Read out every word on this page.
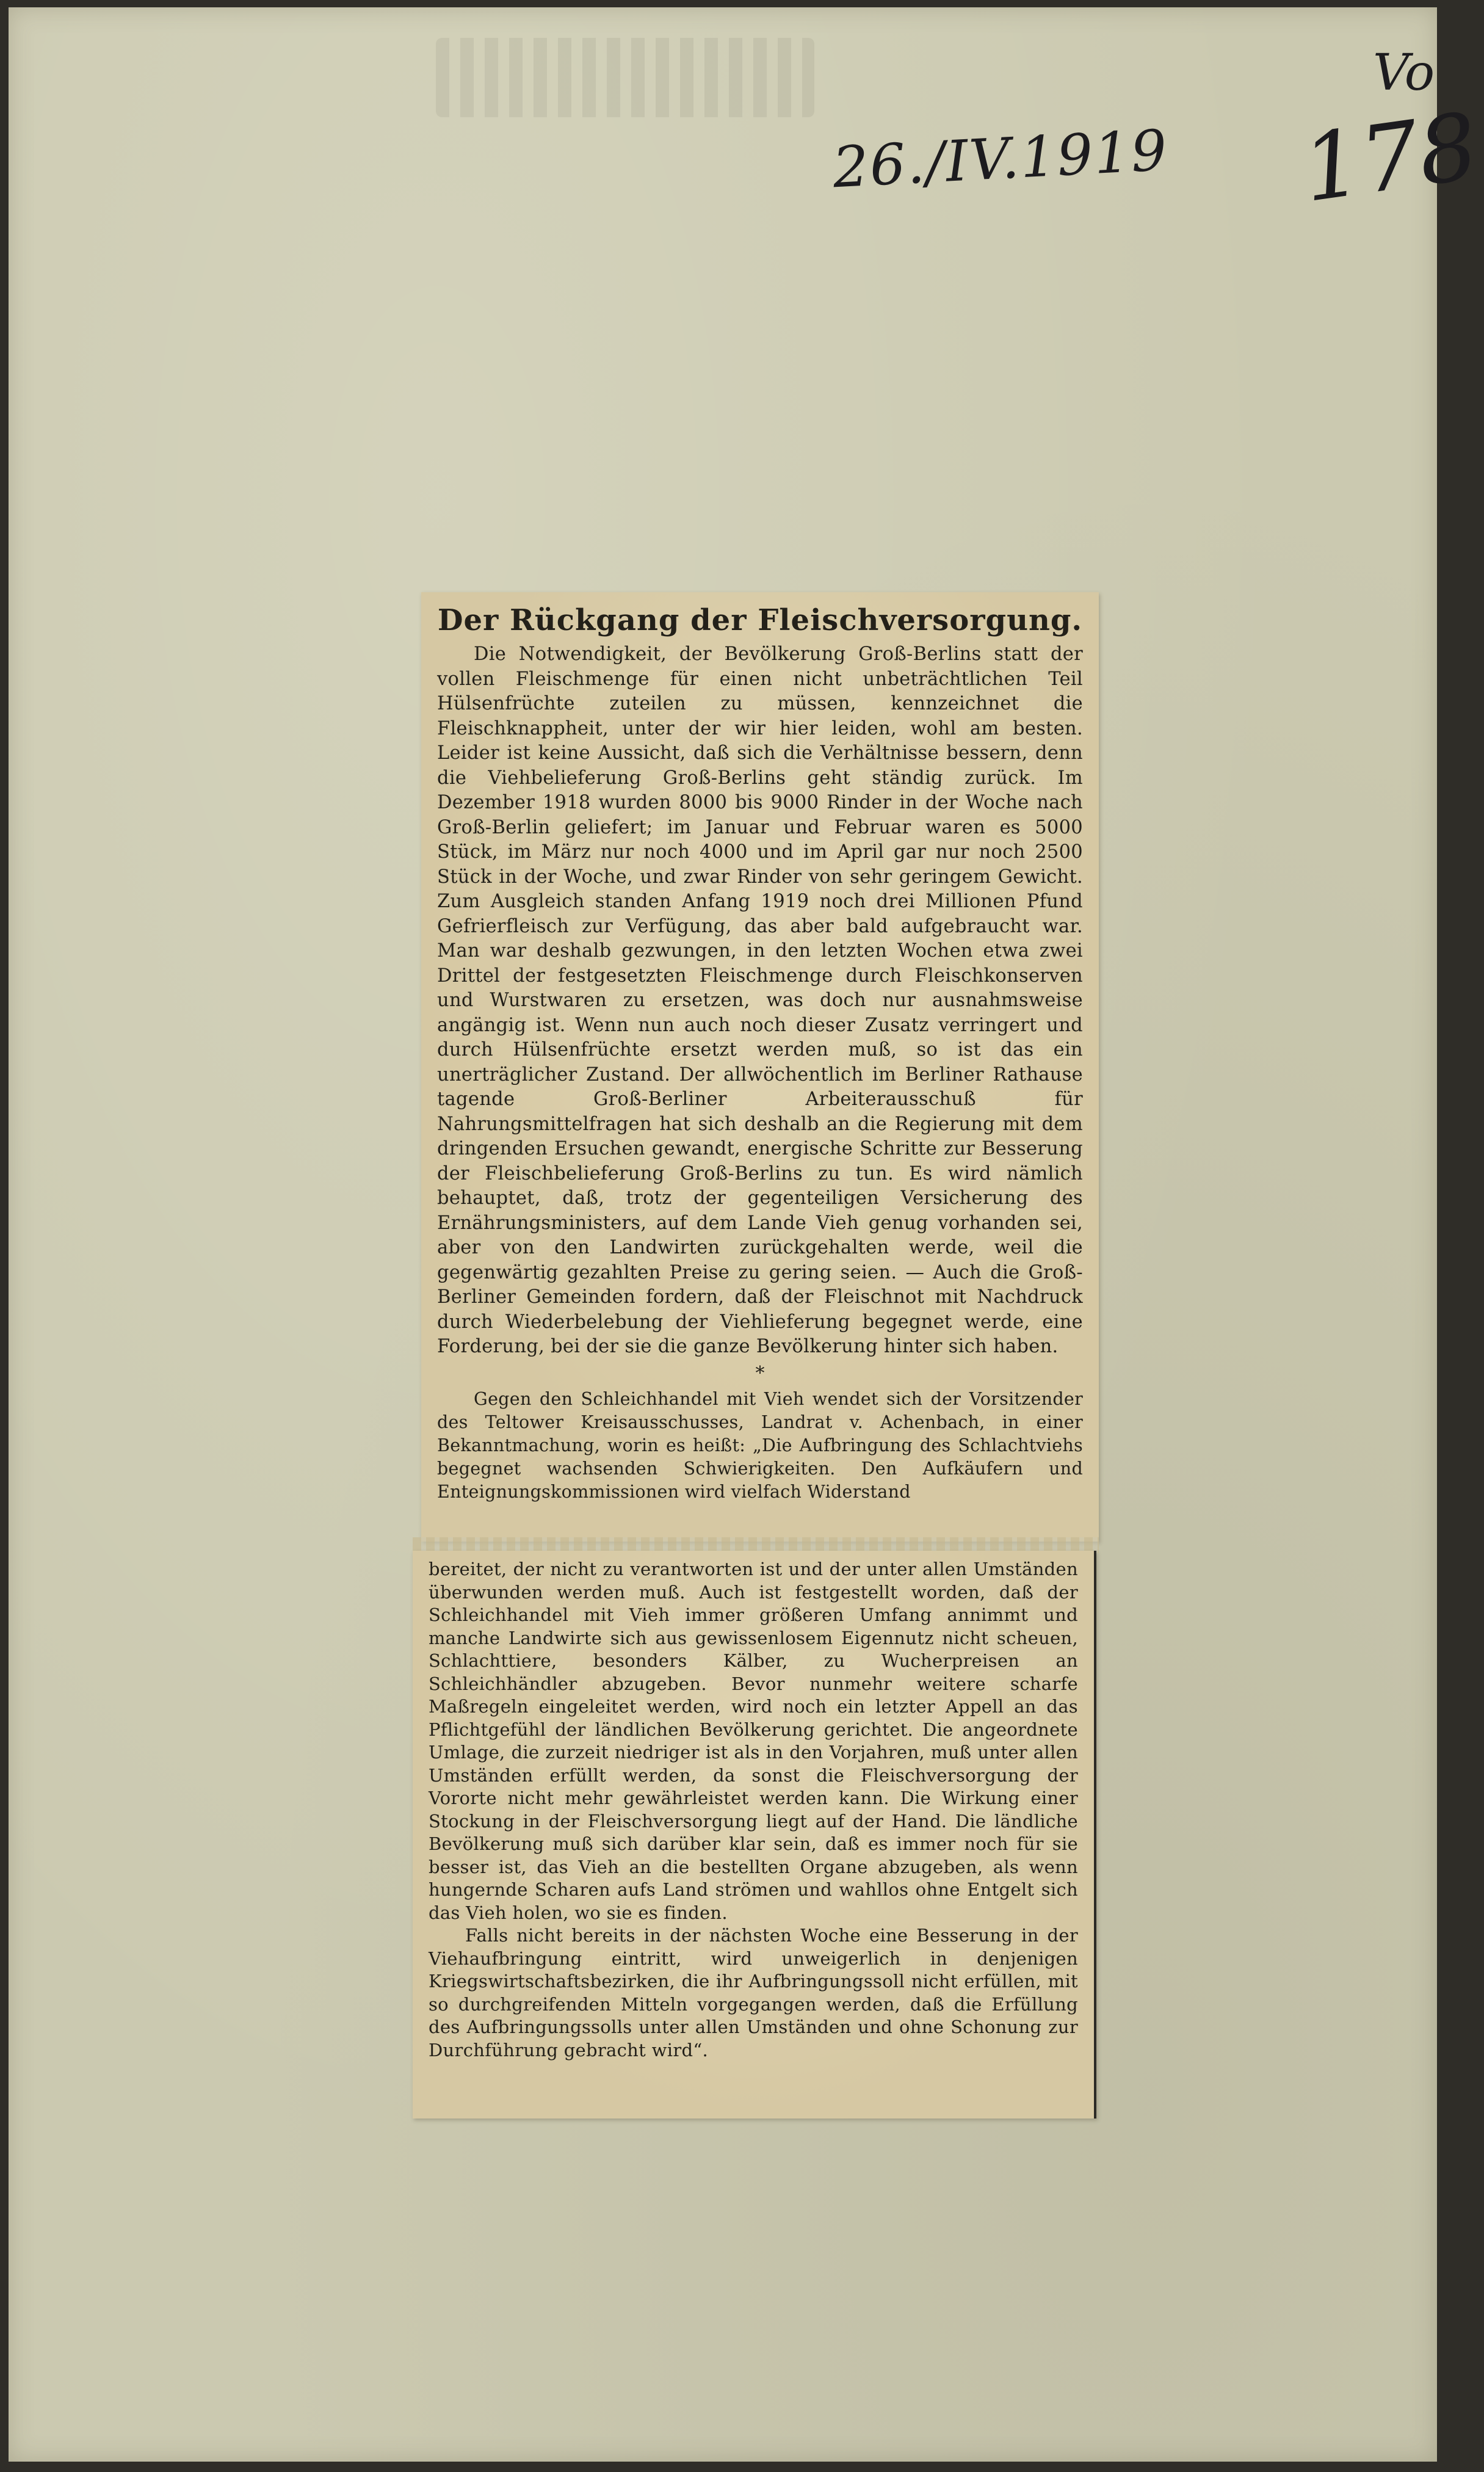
Vo
26./IV.1919 178
Der Rückgang der Fleischversorgung.

Die Notwendigkeit, der Bevölkerung Groß-Berlins statt der vollen Fleischmenge für einen nicht unbeträchtlichen Teil Hülsenfrüchte zuteilen zu müssen, kennzeichnet die Fleischknappheit, unter der wir hier leiden, wohl am besten. Leider ist keine Aussicht, daß sich die Verhältnisse bessern, denn die Viehbelieferung Groß-Berlins geht ständig zurück. Im Dezember 1918 wurden 8000 bis 9000 Rinder in der Woche nach Groß-Berlin geliefert; im Januar und Februar waren es 5000 Stück, im März nur noch 4000 und im April gar nur noch 2500 Stück in der Woche, und zwar Rinder von sehr geringem Gewicht. Zum Ausgleich standen Anfang 1919 noch drei Millionen Pfund Gefrierfleisch zur Verfügung, das aber bald aufgebraucht war. Man war deshalb gezwungen, in den letzten Wochen etwa zwei Drittel der festgesetzten Fleischmenge durch Fleischkonserven und Wurstwaren zu ersetzen, was doch nur ausnahmsweise angängig ist. Wenn nun auch noch dieser Zusatz verringert und durch Hülsenfrüchte ersetzt werden muß, so ist das ein unerträglicher Zustand. Der allwöchentlich im Berliner Rathause tagende Groß-Berliner Arbeiterausschuß für Nahrungsmittelfragen hat sich deshalb an die Regierung mit dem dringenden Ersuchen gewandt, energische Schritte zur Besserung der Fleischbelieferung Groß-Berlins zu tun. Es wird nämlich behauptet, daß, trotz der gegenteiligen Versicherung des Ernährungsministers, auf dem Lande Vieh genug vorhanden sei, aber von den Landwirten zurückgehalten werde, weil die gegenwärtig gezahlten Preise zu gering seien. — Auch die Groß-Berliner Gemeinden fordern, daß der Fleischnot mit Nachdruck durch Wiederbelebung der Viehlieferung begegnet werde, eine Forderung, bei der sie die ganze Bevölkerung hinter sich haben.

*

Gegen den Schleichhandel mit Vieh wendet sich der Vorsitzender des Teltower Kreisausschusses, Landrat v. Achenbach, in einer Bekanntmachung, worin es heißt: „Die Aufbringung des Schlachtviehs begegnet wachsenden Schwierigkeiten. Den Aufkäufern und Enteignungskommissionen wird vielfach Widerstand

bereitet, der nicht zu verantworten ist und der unter allen Umständen überwunden werden muß. Auch ist festgestellt worden, daß der Schleichhandel mit Vieh immer größeren Umfang annimmt und manche Landwirte sich aus gewissenlosem Eigennutz nicht scheuen, Schlachttiere, besonders Kälber, zu Wucherpreisen an Schleichhändler abzugeben. Bevor nunmehr weitere scharfe Maßregeln eingeleitet werden, wird noch ein letzter Appell an das Pflichtgefühl der ländlichen Bevölkerung gerichtet. Die angeordnete Umlage, die zurzeit niedriger ist als in den Vorjahren, muß unter allen Umständen erfüllt werden, da sonst die Fleischversorgung der Vororte nicht mehr gewährleistet werden kann. Die Wirkung einer Stockung in der Fleischversorgung liegt auf der Hand. Die ländliche Bevölkerung muß sich darüber klar sein, daß es immer noch für sie besser ist, das Vieh an die bestellten Organe abzugeben, als wenn hungernde Scharen aufs Land strömen und wahllos ohne Entgelt sich das Vieh holen, wo sie es finden.

Falls nicht bereits in der nächsten Woche eine Besserung in der Viehaufbringung eintritt, wird unweigerlich in denjenigen Kriegswirtschaftsbezirken, die ihr Aufbringungssoll nicht erfüllen, mit so durchgreifenden Mitteln vorgegangen werden, daß die Erfüllung des Aufbringungssolls unter allen Umständen und ohne Schonung zur Durchführung gebracht wird“.
